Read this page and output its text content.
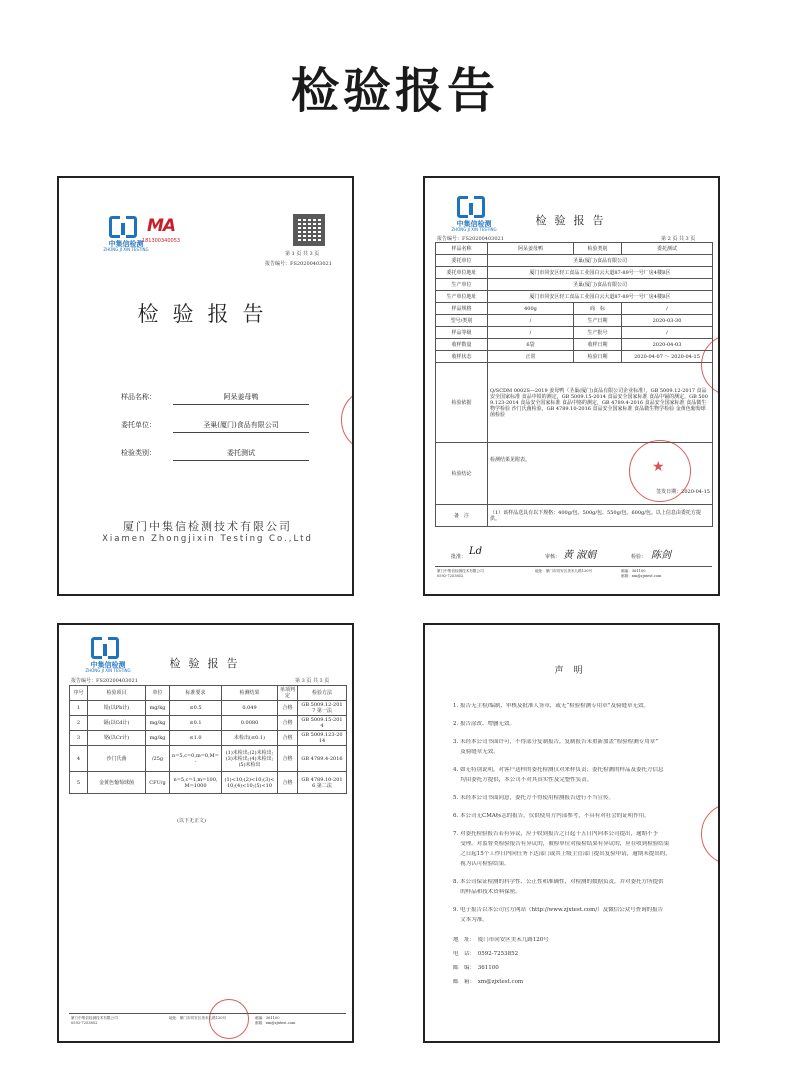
检验报告
中集信检测
ZHONG JI XIN TESTING
MA
181300340053
第 1 页 共 3 页
报告编号：FS20200403021
检验报告
样品名称：	阿呆姜母鸭
委托单位：	圣巢(厦门)食品有限公司
检验类别：	委托测试
厦门中集信检测技术有限公司
Xiamen Zhongjixin Testing Co.,Ltd
中集信检测
ZHONG JI XIN TESTING
检验报告
报告编号：FS20200403021	第 2 页 共 3 页
样品名称	阿呆姜母鸭	检验类别	委托测试
委托单位	圣巢(厦门)食品有限公司		
委托单位地址	厦门市同安区轻工食品工业园白云大道87-89号一号厂房4楼B区		
生产单位	圣巢(厦门)食品有限公司		
生产单位地址	厦门市同安区轻工食品工业园白云大道87-89号一号厂房4楼B区		
样品规格	400g	商　标	/
型号/类别	/	生产日期	2020-03-30
样品等级	/	生产批号	/
收样数量	6袋	收样日期	2020-04-03
收样状态	正常	检验日期	2020-04-07 ～ 2020-04-15
检验依据	Q/SCDM 0002S—2019 姜母鸭（圣巢(厦门)食品有限公司企业标准），GB 5009.12-2017 食品安全国家标准 食品中铅的测定，GB 5009.15-2014 食品安全国家标准 食品中镉的测定，GB 5009.123-2014 食品安全国家标准 食品中铬的测定，GB 4789.4-2016 食品安全国家标准 食品微生物学检验 沙门氏菌检验，GB 4789.10-2016 食品安全国家标准 食品微生物学检验 金黄色葡萄球菌检验		
检验结论	检测结果见附表。
签发日期：2020-04-15		

备　注	（1）该样品送具有以下规格：400g/包、500g/包、550g/包、600g/包。以上信息由委托方提供。		
★
批准： Ld	审核： 黄 淑娟	检验： 陈剑
厦门中集信检测技术有限公司
0592-7253852
地址：厦门市同安区美禾九路120号	邮编：361100
邮箱：xm@zjxtest.com
中集信检测
ZHONG JI XIN TESTING
检验报告
报告编号：FS20200403021	第 3 页 共 3 页
序号	检验项目	单位	标准要求	检测结果	单项判定	检验方法
1	铅(以Pb计)	mg/kg	≤0.5	0.049	合格	GB 5009.12-2017 第一法
2	镉(以Cd计)	mg/kg	≤0.1	0.0080	合格	GB 5009.15-2014
3	铬(以Cr计)	mg/kg	≤1.0	未检出(≤0.1)	合格	GB 5009.123-2014
4	沙门氏菌	/25g	n=5,c=0,m=0,M=-	(1)未检出;(2)未检出;(3)未检出;(4)未检出;(5)未检出	合格	GB 4789.4-2016
5	金黄色葡萄球菌	CFU/g	n=5,c=1,m=100,M=1000	(1)<10;(2)<10;(3)<10;(4)<10;(5)<10	合格	GB 4789.10-2016 第二法
(以下无正文)
厦门中集信检测技术有限公司
0592-7253852
地址：厦门市同安区美禾九路120号	邮编：361100
邮箱：xm@zjxtest.com
声明
1. 报告无主检/编制、审核及批准人签章，或无“检验检测专用章”及骑缝章无效。
2. 报告涂改、增删无效。
3. 未经本公司书面许可，不得部分复制报告，复制报告未重新加盖“检验检测专用章”
　 及骑缝章无效。
4. 如无特别说明，对客户送样的委托检测仅对来样负责；委托检测的样品及委托方信息
　 均由委托方提供，本公司不对其真实性及完整性负责。
5. 未经本公司书面同意，委托方不得使用检测报告进行不当宣传。
6. 本公司无CMA标志的报告，仅供使用方内部参考，不具有对社会的证明作用。
7. 对委托检验报告若有异议，应于收到报告之日起十五日内向本公司提出，逾期不予
　 受理。对监督类检验报告有异议的，被检单位对接检结果有异议的，应在收到检验结果
　 之日起15个工作日内向任务下达部门或其上级主管部门提出复验申请，逾期未提出的，
　 视为认可检验结果。
8. 本公司保证检测的科学性、公正性和准确性，对检测的数据负责，并对委托方所提供
　 的样品和技术资料保密。
9. 电子报告以本公司官方网站（http://www.zjxtest.com/）及微信公众号查询的报告
　 文本为准。
地　址：　厦门市同安区美禾九路120号
电　话：　0592-7253852
邮　编：　361100
邮　箱：　xm@zjxtest.com
